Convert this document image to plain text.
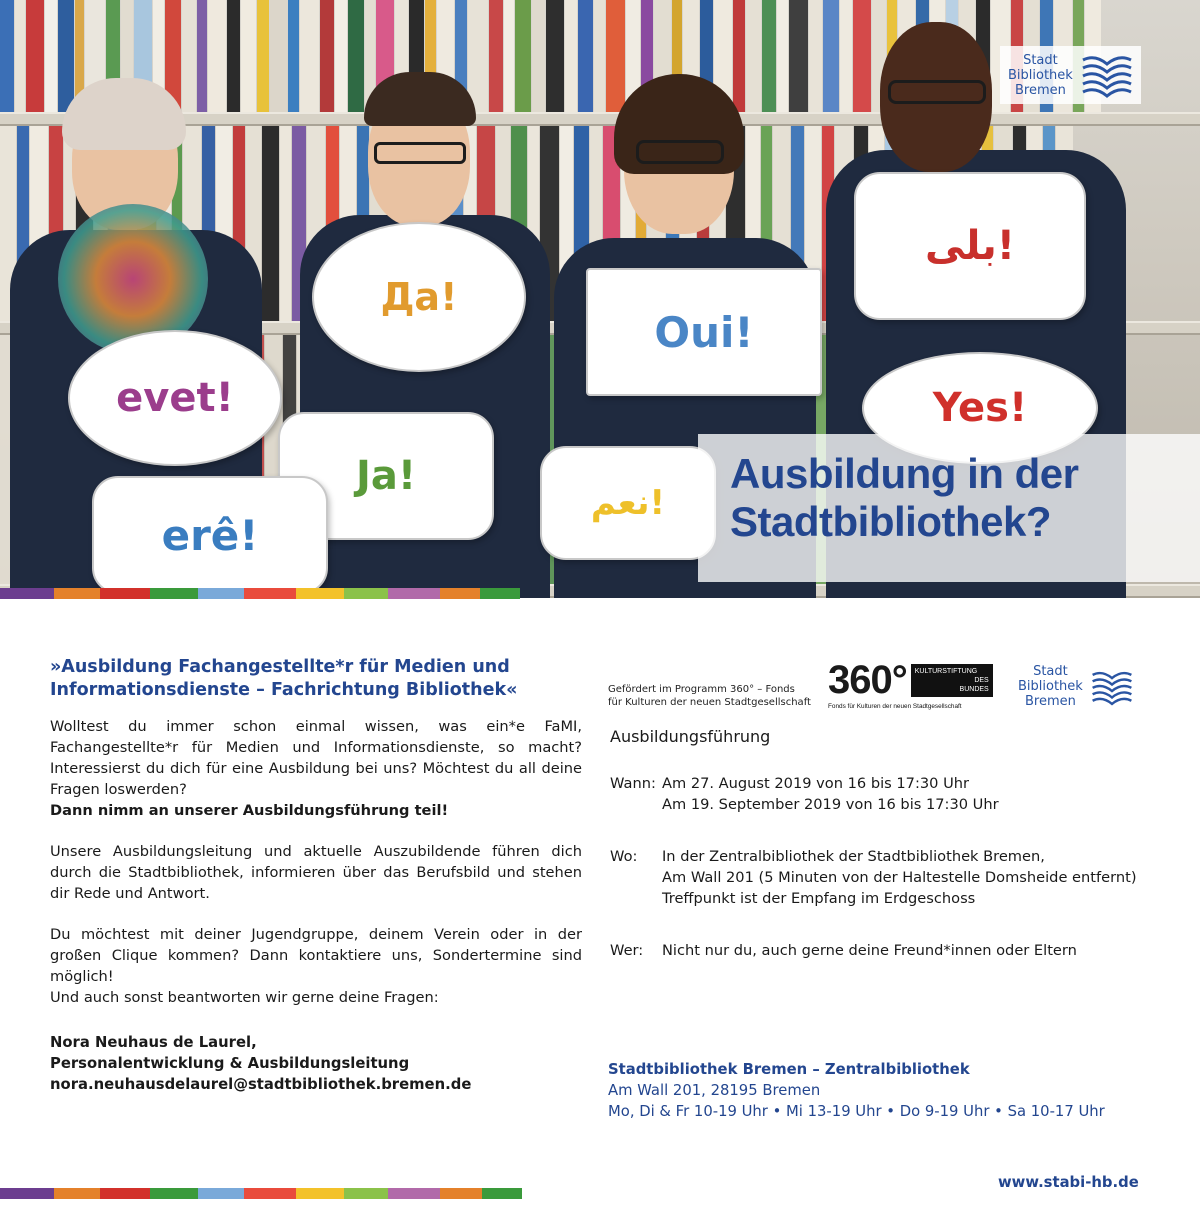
evet!
Да!
Ja!
Oui!
بلى!
Yes!
erê!
نعم!
Ausbildung in der
Stadtbibliothek?
Stadt
Bibliothek
Bremen
»Ausbildung Fachangestellte*r für Medien und
Informationsdienste – Fachrichtung Bibliothek«
Wolltest du immer schon einmal wissen, was ein*e FaMI, Fachangestellte*r für Medien und Informationsdienste, so macht? Interessierst du dich für eine Ausbildung bei uns? Möchtest du all deine Fragen loswerden?
Dann nimm an unserer Ausbildungsführung teil!
Unsere Ausbildungsleitung und aktuelle Auszubildende führen dich durch die Stadtbibliothek, informieren über das Berufsbild und stehen dir Rede und Antwort.
Du möchtest mit deiner Jugendgruppe, deinem Verein oder in der großen Clique kommen? Dann kontaktiere uns, Sondertermine sind möglich!
Und auch sonst beantworten wir gerne deine Fragen:
Nora Neuhaus de Laurel,
Personalentwicklung & Ausbildungsleitung
nora.neuhausdelaurel@stadtbibliothek.bremen.de
Gefördert im Programm 360° – Fonds
für Kulturen der neuen Stadtgesellschaft
360° KULTURSTIFTUNG
DES
BUNDES
Fonds für Kulturen der neuen Stadtgesellschaft
Stadt
Bibliothek
Bremen
Ausbildungsführung
Wann: Am 27. August 2019 von 16 bis 17:30 Uhr
Am 19. September 2019 von 16 bis 17:30 Uhr
Wo: In der Zentralbibliothek der Stadtbibliothek Bremen,
Am Wall 201 (5 Minuten von der Haltestelle Domsheide entfernt)
Treffpunkt ist der Empfang im Erdgeschoss
Wer: Nicht nur du, auch gerne deine Freund*innen oder Eltern
Stadtbibliothek Bremen – Zentralbibliothek
Am Wall 201, 28195 Bremen
Mo, Di & Fr 10-19 Uhr • Mi 13-19 Uhr • Do 9-19 Uhr • Sa 10-17 Uhr
www.stabi-hb.de
